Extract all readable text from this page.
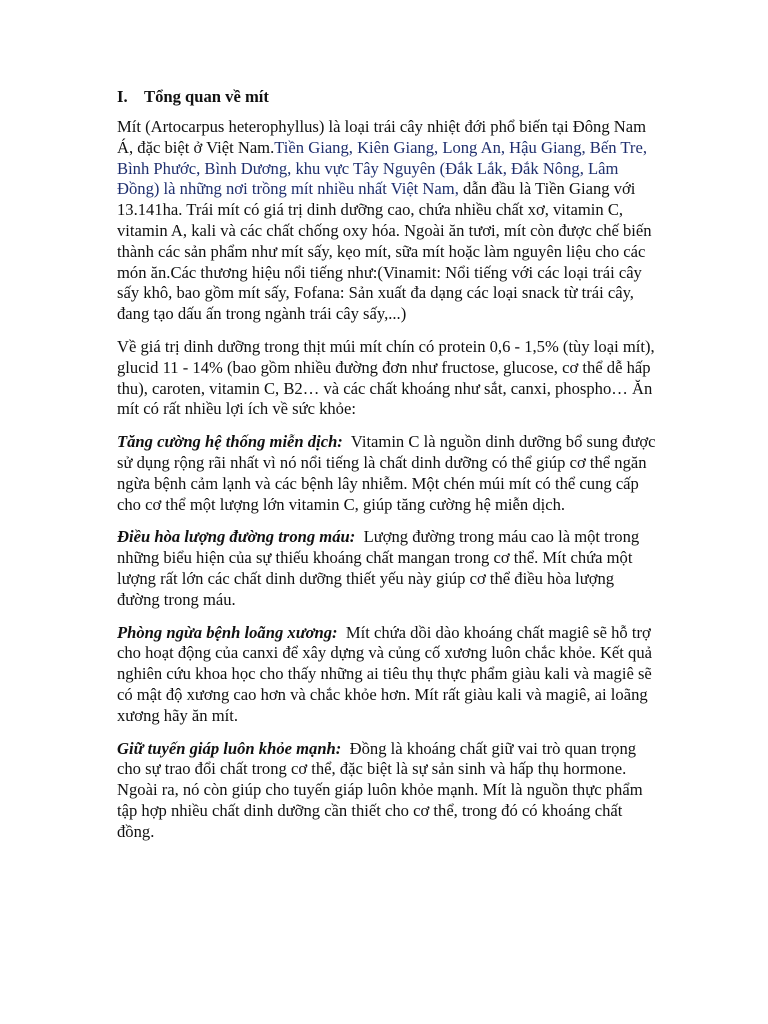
I. Tổng quan về mít

Mít (Artocarpus heterophyllus) là loại trái cây nhiệt đới phổ biến tại Đông Nam Á, đặc biệt ở Việt Nam.Tiền Giang, Kiên Giang, Long An, Hậu Giang, Bến Tre, Bình Phước, Bình Dương, khu vực Tây Nguyên (Đắk Lắk, Đắk Nông, Lâm Đồng) là những nơi trồng mít nhiều nhất Việt Nam, dẫn đầu là Tiền Giang với 13.141ha. Trái mít có giá trị dinh dưỡng cao, chứa nhiều chất xơ, vitamin C, vitamin A, kali và các chất chống oxy hóa. Ngoài ăn tươi, mít còn được chế biến thành các sản phẩm như mít sấy, kẹo mít, sữa mít hoặc làm nguyên liệu cho các món ăn.Các thương hiệu nổi tiếng như:(Vinamit: Nổi tiếng với các loại trái cây sấy khô, bao gồm mít sấy, Fofana: Sản xuất đa dạng các loại snack từ trái cây, đang tạo dấu ấn trong ngành trái cây sấy,...)

Về giá trị dinh dưỡng trong thịt múi mít chín có protein 0,6 - 1,5% (tùy loại mít), glucid 11 - 14% (bao gồm nhiều đường đơn như fructose, glucose, cơ thể dễ hấp thu), caroten, vitamin C, B2… và các chất khoáng như sắt, canxi, phospho… Ăn mít có rất nhiều lợi ích về sức khỏe:

Tăng cường hệ thống miễn dịch: Vitamin C là nguồn dinh dưỡng bổ sung được sử dụng rộng rãi nhất vì nó nổi tiếng là chất dinh dưỡng có thể giúp cơ thể ngăn ngừa bệnh cảm lạnh và các bệnh lây nhiễm. Một chén múi mít có thể cung cấp cho cơ thể một lượng lớn vitamin C, giúp tăng cường hệ miễn dịch.

Điều hòa lượng đường trong máu: Lượng đường trong máu cao là một trong những biểu hiện của sự thiếu khoáng chất mangan trong cơ thể. Mít chứa một lượng rất lớn các chất dinh dưỡng thiết yếu này giúp cơ thể điều hòa lượng đường trong máu.

Phòng ngừa bệnh loãng xương: Mít chứa dồi dào khoáng chất magiê sẽ hỗ trợ cho hoạt động của canxi để xây dựng và củng cố xương luôn chắc khỏe. Kết quả nghiên cứu khoa học cho thấy những ai tiêu thụ thực phẩm giàu kali và magiê sẽ có mật độ xương cao hơn và chắc khỏe hơn. Mít rất giàu kali và magiê, ai loãng xương hãy ăn mít.

Giữ tuyến giáp luôn khỏe mạnh: Đồng là khoáng chất giữ vai trò quan trọng cho sự trao đổi chất trong cơ thể, đặc biệt là sự sản sinh và hấp thụ hormone. Ngoài ra, nó còn giúp cho tuyến giáp luôn khỏe mạnh. Mít là nguồn thực phẩm tập hợp nhiều chất dinh dưỡng cần thiết cho cơ thể, trong đó có khoáng chất đồng.
